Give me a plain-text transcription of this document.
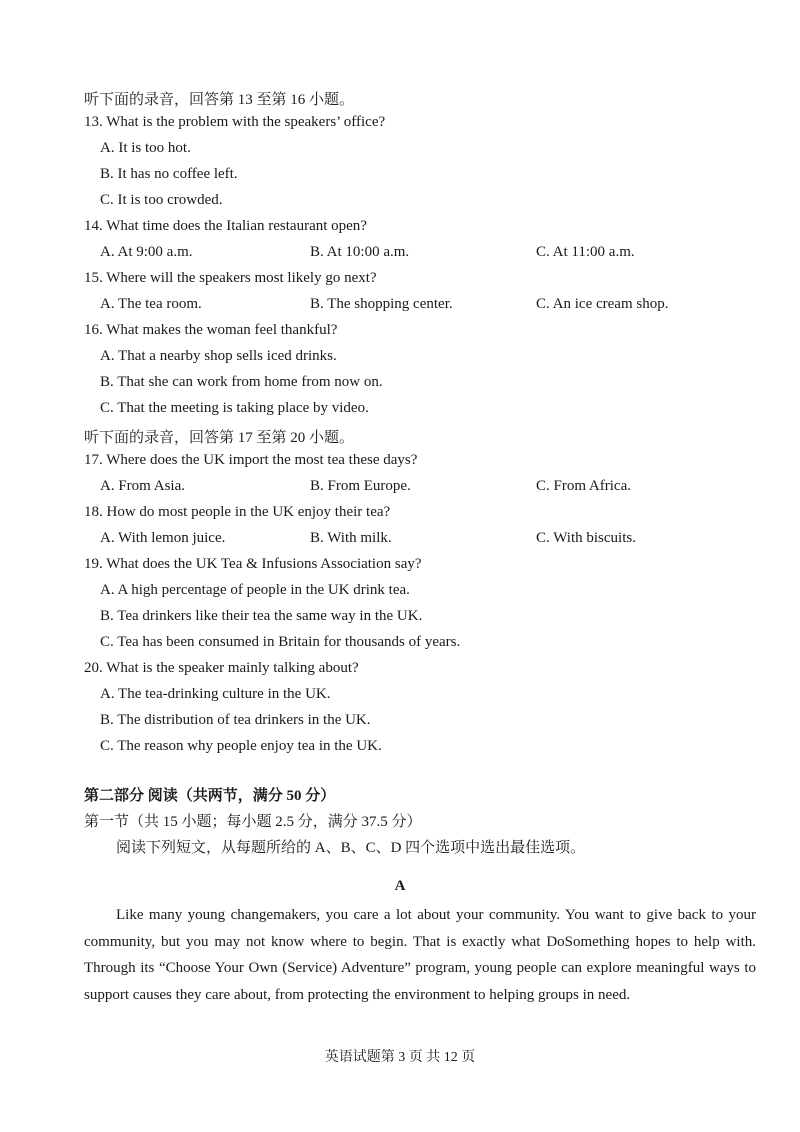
听下面的录音，回答第 13 至第 16 小题。
13. What is the problem with the speakers’ office?
A. It is too hot.
B. It has no coffee left.
C. It is too crowded.
14. What time does the Italian restaurant open?
A. At 9:00 a.m.	B. At 10:00 a.m.	C. At 11:00 a.m.
15. Where will the speakers most likely go next?
A. The tea room.	B. The shopping center.	C. An ice cream shop.
16. What makes the woman feel thankful?
A. That a nearby shop sells iced drinks.
B. That she can work from home from now on.
C. That the meeting is taking place by video.
听下面的录音，回答第 17 至第 20 小题。
17. Where does the UK import the most tea these days?
A. From Asia.	B. From Europe.	C. From Africa.
18. How do most people in the UK enjoy their tea?
A. With lemon juice.	B. With milk.	C. With biscuits.
19. What does the UK Tea & Infusions Association say?
A. A high percentage of people in the UK drink tea.
B. Tea drinkers like their tea the same way in the UK.
C. Tea has been consumed in Britain for thousands of years.
20. What is the speaker mainly talking about?
A. The tea-drinking culture in the UK.
B. The distribution of tea drinkers in the UK.
C. The reason why people enjoy tea in the UK.
第二部分 阅读（共两节，满分 50 分）
第一节（共 15 小题；每小题 2.5 分，满分 37.5 分）
阅读下列短文，从每题所给的 A、B、C、D 四个选项中选出最佳选项。
A
Like many young changemakers, you care a lot about your community. You want to give back to your community, but you may not know where to begin. That is exactly what DoSomething hopes to help with. Through its “Choose Your Own (Service) Adventure” program, young people can explore meaningful ways to support causes they care about, from protecting the environment to helping groups in need.
英语试题第 3 页 共 12 页
